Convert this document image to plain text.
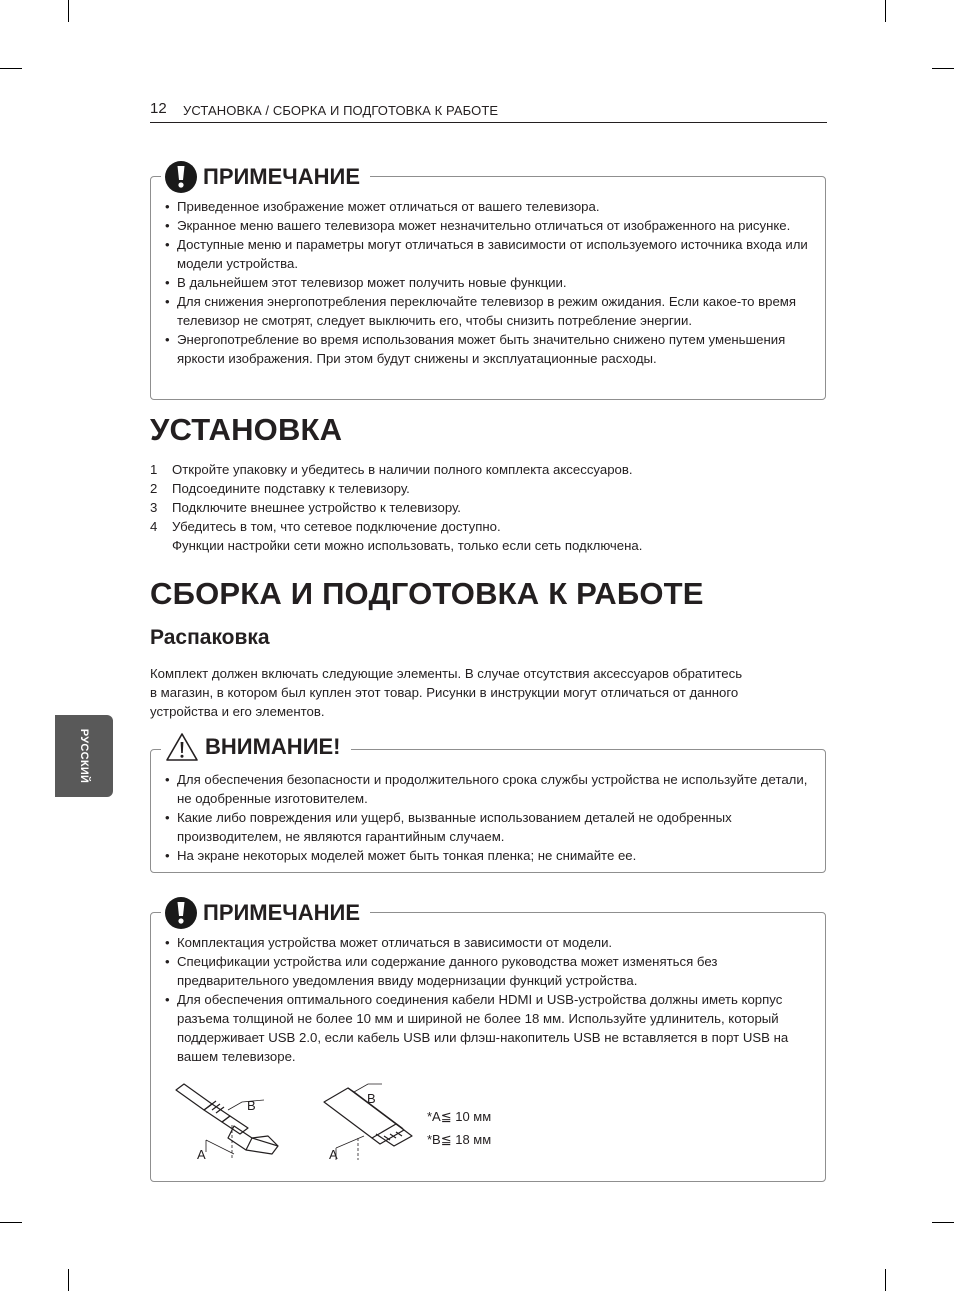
12 УСТАНОВКА / СБОРКА И ПОДГОТОВКА К РАБОТЕ
РУССКИЙ
ПРИМЕЧАНИЕ
• Приведенное изображение может отличаться от вашего телевизора.
• Экранное меню вашего телевизора может незначительно отличаться от изображенного на рисунке.
• Доступные меню и параметры могут отличаться в зависимости от используемого источника входа или модели устройства.
• В дальнейшем этот телевизор может получить новые функции.
• Для снижения энергопотребления переключайте телевизор в режим ожидания. Если какое-то время телевизор не смотрят, следует выключить его, чтобы снизить потребление энергии.
• Энергопотребление во время использования может быть значительно снижено путем уменьшения яркости изображения. При этом будут снижены и эксплуатационные расходы.
УСТАНОВКА
1 Откройте упаковку и убедитесь в наличии полного комплекта аксессуаров.
2 Подсоедините подставку к телевизору.
3 Подключите внешнее устройство к телевизору.
4 Убедитесь в том, что сетевое подключение доступно.
Функции настройки сети можно использовать, только если сеть подключена.
СБОРКА И ПОДГОТОВКА К РАБОТЕ
Распаковка

Комплект должен включать следующие элементы. В случае отсутствия аксессуаров обратитесь
в магазин, в котором был куплен этот товар. Рисунки в инструкции могут отличаться от данного
устройства и его элементов.

ВНИМАНИЕ!
• Для обеспечения безопасности и продолжительного срока службы устройства не используйте детали, не одобренные изготовителем.
• Какие либо повреждения или ущерб, вызванные использованием деталей не одобренных производителем, не являются гарантийным случаем.
• На экране некоторых моделей может быть тонкая пленка; не снимайте ее.
ПРИМЕЧАНИЕ
• Комплектация устройства может отличаться в зависимости от модели.
• Спецификации устройства или содержание данного руководства может изменяться без предварительного уведомления ввиду модернизации функций устройства.
• Для обеспечения оптимального соединения кабели HDMI и USB-устройства должны иметь корпус разъема толщиной не более 10 мм и шириной не более 18 мм. Используйте удлинитель, который поддерживает USB 2.0, если кабель USB или флэш-накопитель USB не вставляется в порт USB на вашем телевизоре.
B
A
B
A
*A≦ 10 мм
*B≦ 18 мм
